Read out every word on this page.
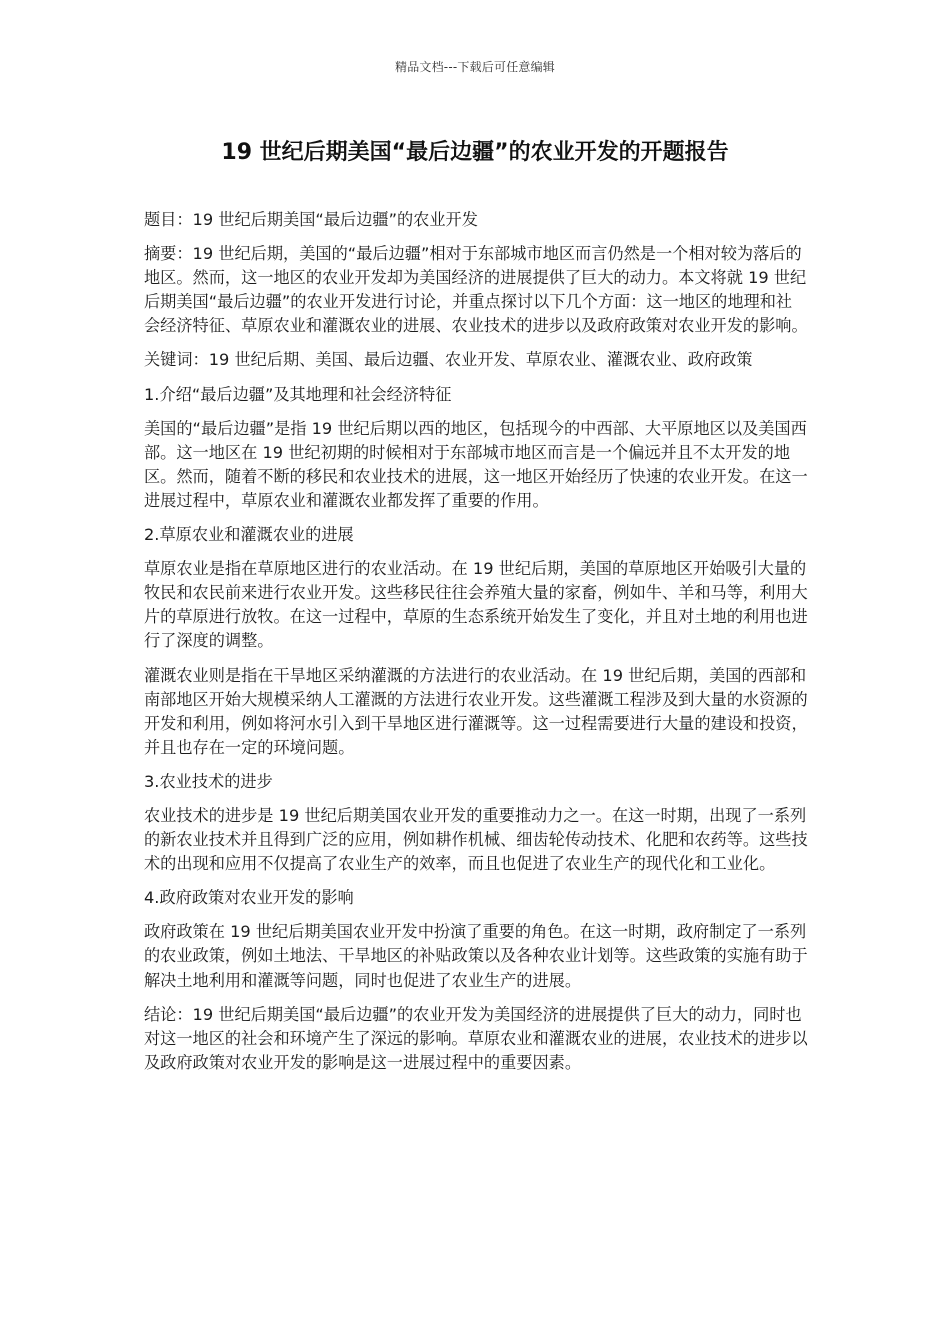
精品文档---下载后可任意编辑
19 世纪后期美国“最后边疆”的农业开发的开题报告

题目：19 世纪后期美国“最后边疆”的农业开发

摘要：19 世纪后期，美国的“最后边疆”相对于东部城市地区而言仍然是一个相对较为落后的地区。然而，这一地区的农业开发却为美国经济的进展提供了巨大的动力。本文将就 19 世纪后期美国“最后边疆”的农业开发进行讨论，并重点探讨以下几个方面：这一地区的地理和社会经济特征、草原农业和灌溉农业的进展、农业技术的进步以及政府政策对农业开发的影响。

关键词：19 世纪后期、美国、最后边疆、农业开发、草原农业、灌溉农业、政府政策

1.介绍“最后边疆”及其地理和社会经济特征

美国的“最后边疆”是指 19 世纪后期以西的地区，包括现今的中西部、大平原地区以及美国西部。这一地区在 19 世纪初期的时候相对于东部城市地区而言是一个偏远并且不太开发的地区。然而，随着不断的移民和农业技术的进展，这一地区开始经历了快速的农业开发。在这一进展过程中，草原农业和灌溉农业都发挥了重要的作用。

2.草原农业和灌溉农业的进展

草原农业是指在草原地区进行的农业活动。在 19 世纪后期，美国的草原地区开始吸引大量的牧民和农民前来进行农业开发。这些移民往往会养殖大量的家畜，例如牛、羊和马等，利用大片的草原进行放牧。在这一过程中，草原的生态系统开始发生了变化，并且对土地的利用也进行了深度的调整。

灌溉农业则是指在干旱地区采纳灌溉的方法进行的农业活动。在 19 世纪后期，美国的西部和南部地区开始大规模采纳人工灌溉的方法进行农业开发。这些灌溉工程涉及到大量的水资源的开发和利用，例如将河水引入到干旱地区进行灌溉等。这一过程需要进行大量的建设和投资，并且也存在一定的环境问题。

3.农业技术的进步

农业技术的进步是 19 世纪后期美国农业开发的重要推动力之一。在这一时期，出现了一系列的新农业技术并且得到广泛的应用，例如耕作机械、细齿轮传动技术、化肥和农药等。这些技术的出现和应用不仅提高了农业生产的效率，而且也促进了农业生产的现代化和工业化。

4.政府政策对农业开发的影响

政府政策在 19 世纪后期美国农业开发中扮演了重要的角色。在这一时期，政府制定了一系列的农业政策，例如土地法、干旱地区的补贴政策以及各种农业计划等。这些政策的实施有助于解决土地利用和灌溉等问题，同时也促进了农业生产的进展。

结论：19 世纪后期美国“最后边疆”的农业开发为美国经济的进展提供了巨大的动力，同时也对这一地区的社会和环境产生了深远的影响。草原农业和灌溉农业的进展，农业技术的进步以及政府政策对农业开发的影响是这一进展过程中的重要因素。
